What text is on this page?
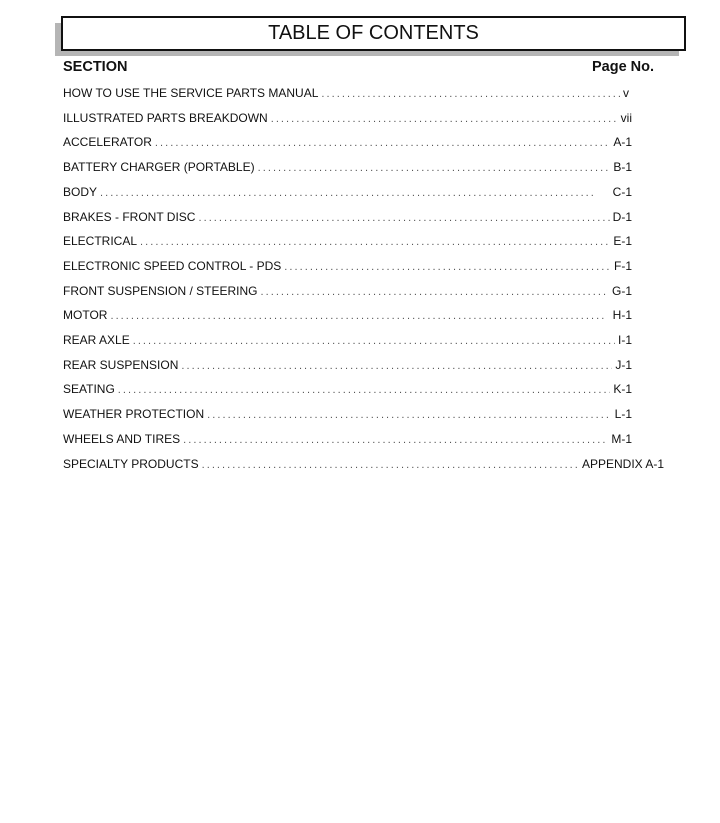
TABLE OF CONTENTS
SECTION	Page No.
HOW TO USE THE SERVICE PARTS MANUAL . . .	v
ILLUSTRATED PARTS BREAKDOWN . . .	vii
ACCELERATOR . . .	A-1
BATTERY CHARGER (PORTABLE) . . .	B-1
BODY . . .	C-1
BRAKES - FRONT DISC . . .	D-1
ELECTRICAL . . .	E-1
ELECTRONIC SPEED CONTROL - PDS . . .	F-1
FRONT SUSPENSION / STEERING . . .	G-1
MOTOR . . .	H-1
REAR AXLE . . .	I-1
REAR SUSPENSION . . .	J-1
SEATING . . .	K-1
WEATHER PROTECTION . . .	L-1
WHEELS AND TIRES . . .	M-1
SPECIALTY PRODUCTS . . .	APPENDIX A-1
